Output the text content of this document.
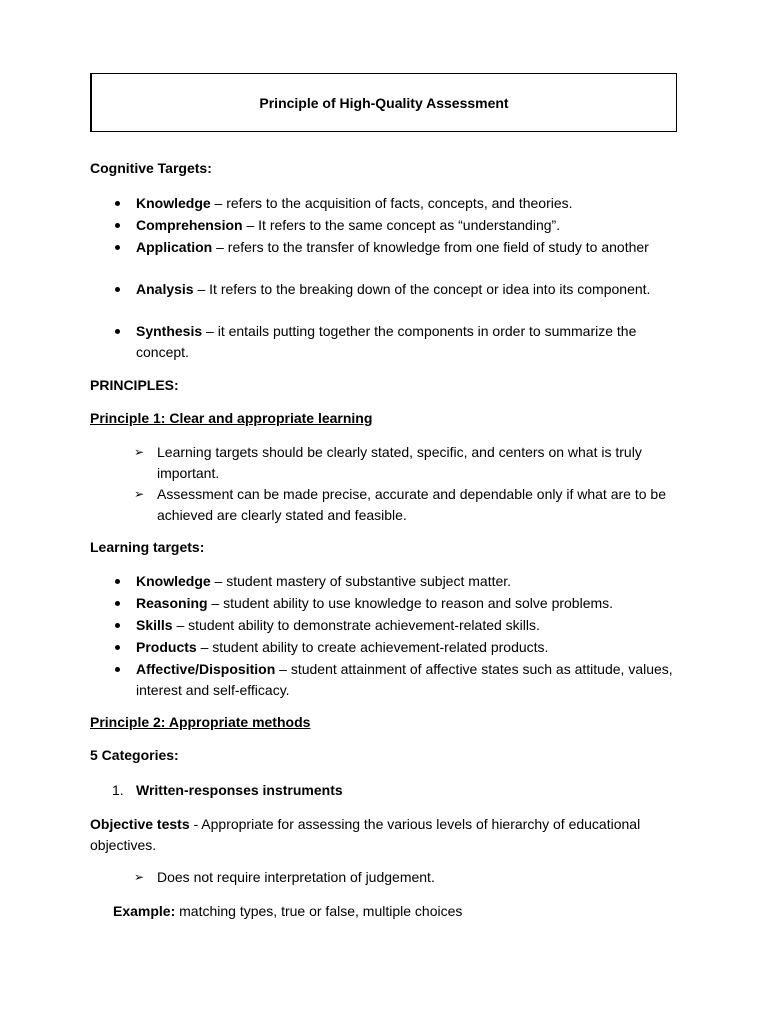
Principle of High-Quality Assessment
Cognitive Targets:
Knowledge – refers to the acquisition of facts, concepts, and theories.
Comprehension – It refers to the same concept as “understanding”.
Application – refers to the transfer of knowledge from one field of study to another
Analysis – It refers to the breaking down of the concept or idea into its component.
Synthesis – it entails putting together the components in order to summarize the concept.
PRINCIPLES:
Principle 1: Clear and appropriate learning
➢ Learning targets should be clearly stated, specific, and centers on what is truly important.
➢ Assessment can be made precise, accurate and dependable only if what are to be achieved are clearly stated and feasible.
Learning targets:
Knowledge – student mastery of substantive subject matter.
Reasoning – student ability to use knowledge to reason and solve problems.
Skills – student ability to demonstrate achievement-related skills.
Products – student ability to create achievement-related products.
Affective/Disposition – student attainment of affective states such as attitude, values, interest and self-efficacy.
Principle 2: Appropriate methods
5 Categories:
1. Written-responses instruments
Objective tests - Appropriate for assessing the various levels of hierarchy of educational objectives.
➢ Does not require interpretation of judgement.
Example: matching types, true or false, multiple choices
